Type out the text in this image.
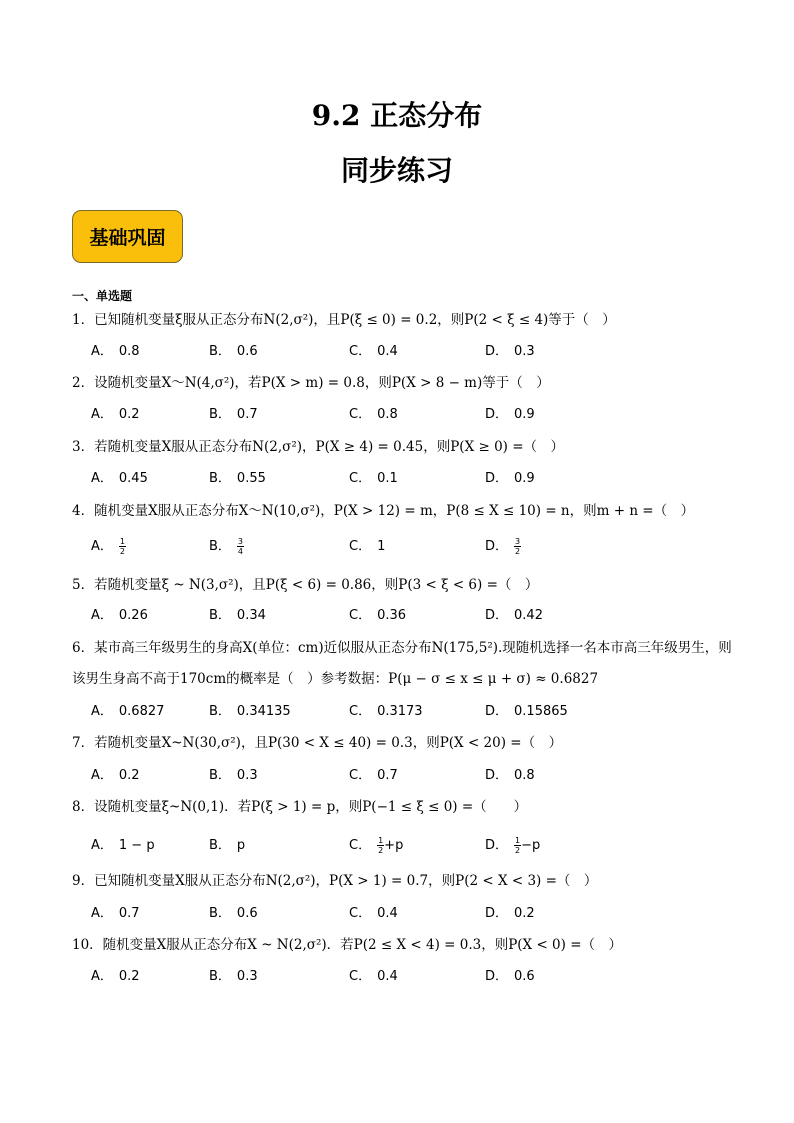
9.2 正态分布
同步练习
基础巩固
一、单选题
1．已知随机变量ξ服从正态分布N(2,σ²)，且P(ξ ≤ 0) = 0.2，则P(2 < ξ ≤ 4)等于（　）
A． 0.8	B． 0.6	C． 0.4	D． 0.3
2．设随机变量X～N(4,σ²)，若P(X > m) = 0.8，则P(X > 8 − m)等于（　）
A． 0.2	B． 0.7	C． 0.8	D． 0.9
3．若随机变量X服从正态分布N(2,σ²)，P(X ≥ 4) = 0.45，则P(X ≥ 0) =（　）
A． 0.45	B． 0.55	C． 0.1	D． 0.9
4．随机变量X服从正态分布X～N(10,σ²)，P(X > 12) = m，P(8 ≤ X ≤ 10) = n，则m + n =（　）
A． $\frac{1}{2}$	B． $\frac{3}{4}$	C． 1	D． $\frac{3}{2}$
5．若随机变量ξ ~ N(3,σ²)，且P(ξ < 6) = 0.86，则P(3 < ξ < 6) =（　）
A． 0.26	B． 0.34	C． 0.36	D． 0.42
6．某市高三年级男生的身高X(单位：cm)近似服从正态分布N(175,5²).现随机选择一名本市高三年级男生，则该男生身高不高于170cm的概率是（　）参考数据：P(μ − σ ≤ x ≤ μ + σ) ≈ 0.6827
A． 0.6827	B． 0.34135	C． 0.3173	D． 0.15865
7．若随机变量X~N(30,σ²)，且P(30 < X ≤ 40) = 0.3，则P(X < 20) =（　）
A． 0.2	B． 0.3	C． 0.7	D． 0.8
8．设随机变量ξ~N(0,1)．若P(ξ > 1) = p，则P(−1 ≤ ξ ≤ 0) =（　　）
A． 1 − p	B． p	C． $\frac{1}{2} +p$	D． $\frac{1}{2} -p$
9．已知随机变量X服从正态分布N(2,σ²)，P(X > 1) = 0.7，则P(2 < X < 3) =（　）
A． 0.7	B． 0.6	C． 0.4	D． 0.2
10．随机变量X服从正态分布X ~ N(2,σ²)．若P(2 ≤ X < 4) = 0.3，则P(X < 0) =（　）
A． 0.2	B． 0.3	C． 0.4	D． 0.6
